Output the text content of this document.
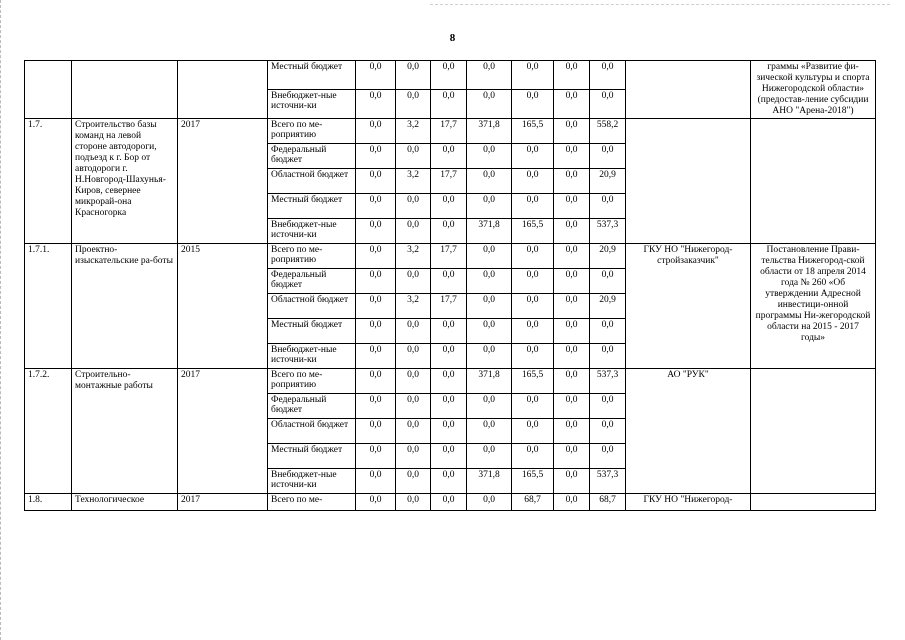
8
			Местный бюджет	0,0	0,0	0,0	0,0	0,0	0,0	0,0		граммы «Развитие фи-зической культуры и спорта Нижегородской области» (предостав-ление субсидии АНО "Арена-2018")
			Внебюджет-ные источни-ки	0,0	0,0	0,0	0,0	0,0	0,0	0,0		
1.7.	Строительство базы команд на левой стороне автодороги, подъезд к г. Бор от автодороги г. Н.Новгород-Шахунья-Киров, севернее микрорай-она Красногорка	2017	Всего по ме-роприятию	0,0	3,2	17,7	371,8	165,5	0,0	558,2		
			Федеральный бюджет	0,0	0,0	0,0	0,0	0,0	0,0	0,0		
			Областной бюджет	0,0	3,2	17,7	0,0	0,0	0,0	20,9		
			Местный бюджет	0,0	0,0	0,0	0,0	0,0	0,0	0,0		
			Внебюджет-ные источни-ки	0,0	0,0	0,0	371,8	165,5	0,0	537,3		
1.7.1.	Проектно-изыскательские ра-боты	2015	Всего по ме-роприятию	0,0	3,2	17,7	0,0	0,0	0,0	20,9	ГКУ НО "Нижегород-стройзаказчик"	Постановление Прави-тельства Нижегород-ской области от 18 апреля 2014 года № 260 «Об утверждении Адресной инвестици-онной программы Ни-жегородской области на 2015 - 2017 годы»
			Федеральный бюджет	0,0	0,0	0,0	0,0	0,0	0,0	0,0		
			Областной бюджет	0,0	3,2	17,7	0,0	0,0	0,0	20,9		
			Местный бюджет	0,0	0,0	0,0	0,0	0,0	0,0	0,0		
			Внебюджет-ные источни-ки	0,0	0,0	0,0	0,0	0,0	0,0	0,0		
1.7.2.	Строительно-монтажные работы	2017	Всего по ме-роприятию	0,0	0,0	0,0	371,8	165,5	0,0	537,3	АО "РУК"	
			Федеральный бюджет	0,0	0,0	0,0	0,0	0,0	0,0	0,0		
			Областной бюджет	0,0	0,0	0,0	0,0	0,0	0,0	0,0		
			Местный бюджет	0,0	0,0	0,0	0,0	0,0	0,0	0,0		
			Внебюджет-ные источни-ки	0,0	0,0	0,0	371,8	165,5	0,0	537,3		
1.8.	Технологическое	2017	Всего по ме-	0,0	0,0	0,0	0,0	68,7	0,0	68,7	ГКУ НО "Нижегород-	
